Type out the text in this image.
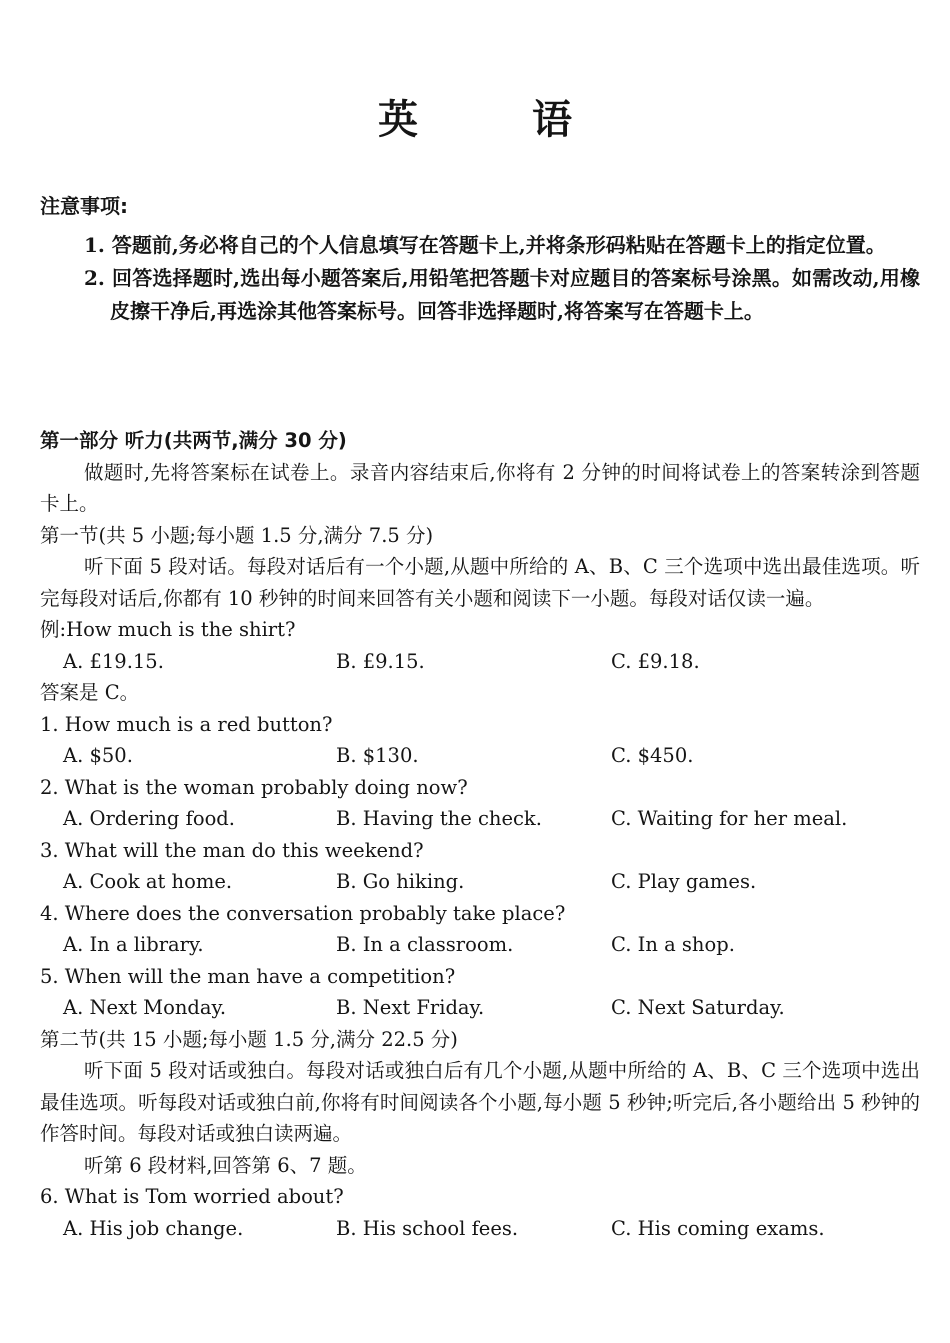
英 语
注意事项:
1. 答题前,务必将自己的个人信息填写在答题卡上,并将条形码粘贴在答题卡上的指定位置。
2. 回答选择题时,选出每小题答案后,用铅笔把答题卡对应题目的答案标号涂黑。如需改动,用橡皮擦干净后,再选涂其他答案标号。回答非选择题时,将答案写在答题卡上。
第一部分 听力(共两节,满分 30 分)
做题时,先将答案标在试卷上。录音内容结束后,你将有 2 分钟的时间将试卷上的答案转涂到答题卡上。
第一节(共 5 小题;每小题 1.5 分,满分 7.5 分)
听下面 5 段对话。每段对话后有一个小题,从题中所给的 A、B、C 三个选项中选出最佳选项。听完每段对话后,你都有 10 秒钟的时间来回答有关小题和阅读下一小题。每段对话仅读一遍。
例:How much is the shirt?
A. £19.15.	B. £9.15.	C. £9.18.
答案是 C。
1. How much is a red button?
A. $50.	B. $130.	C. $450.
2. What is the woman probably doing now?
A. Ordering food.	B. Having the check.	C. Waiting for her meal.
3. What will the man do this weekend?
A. Cook at home.	B. Go hiking.	C. Play games.
4. Where does the conversation probably take place?
A. In a library.	B. In a classroom.	C. In a shop.
5. When will the man have a competition?
A. Next Monday.	B. Next Friday.	C. Next Saturday.
第二节(共 15 小题;每小题 1.5 分,满分 22.5 分)
听下面 5 段对话或独白。每段对话或独白后有几个小题,从题中所给的 A、B、C 三个选项中选出最佳选项。听每段对话或独白前,你将有时间阅读各个小题,每小题 5 秒钟;听完后,各小题给出 5 秒钟的作答时间。每段对话或独白读两遍。
听第 6 段材料,回答第 6、7 题。
6. What is Tom worried about?
A. His job change.	B. His school fees.	C. His coming exams.
